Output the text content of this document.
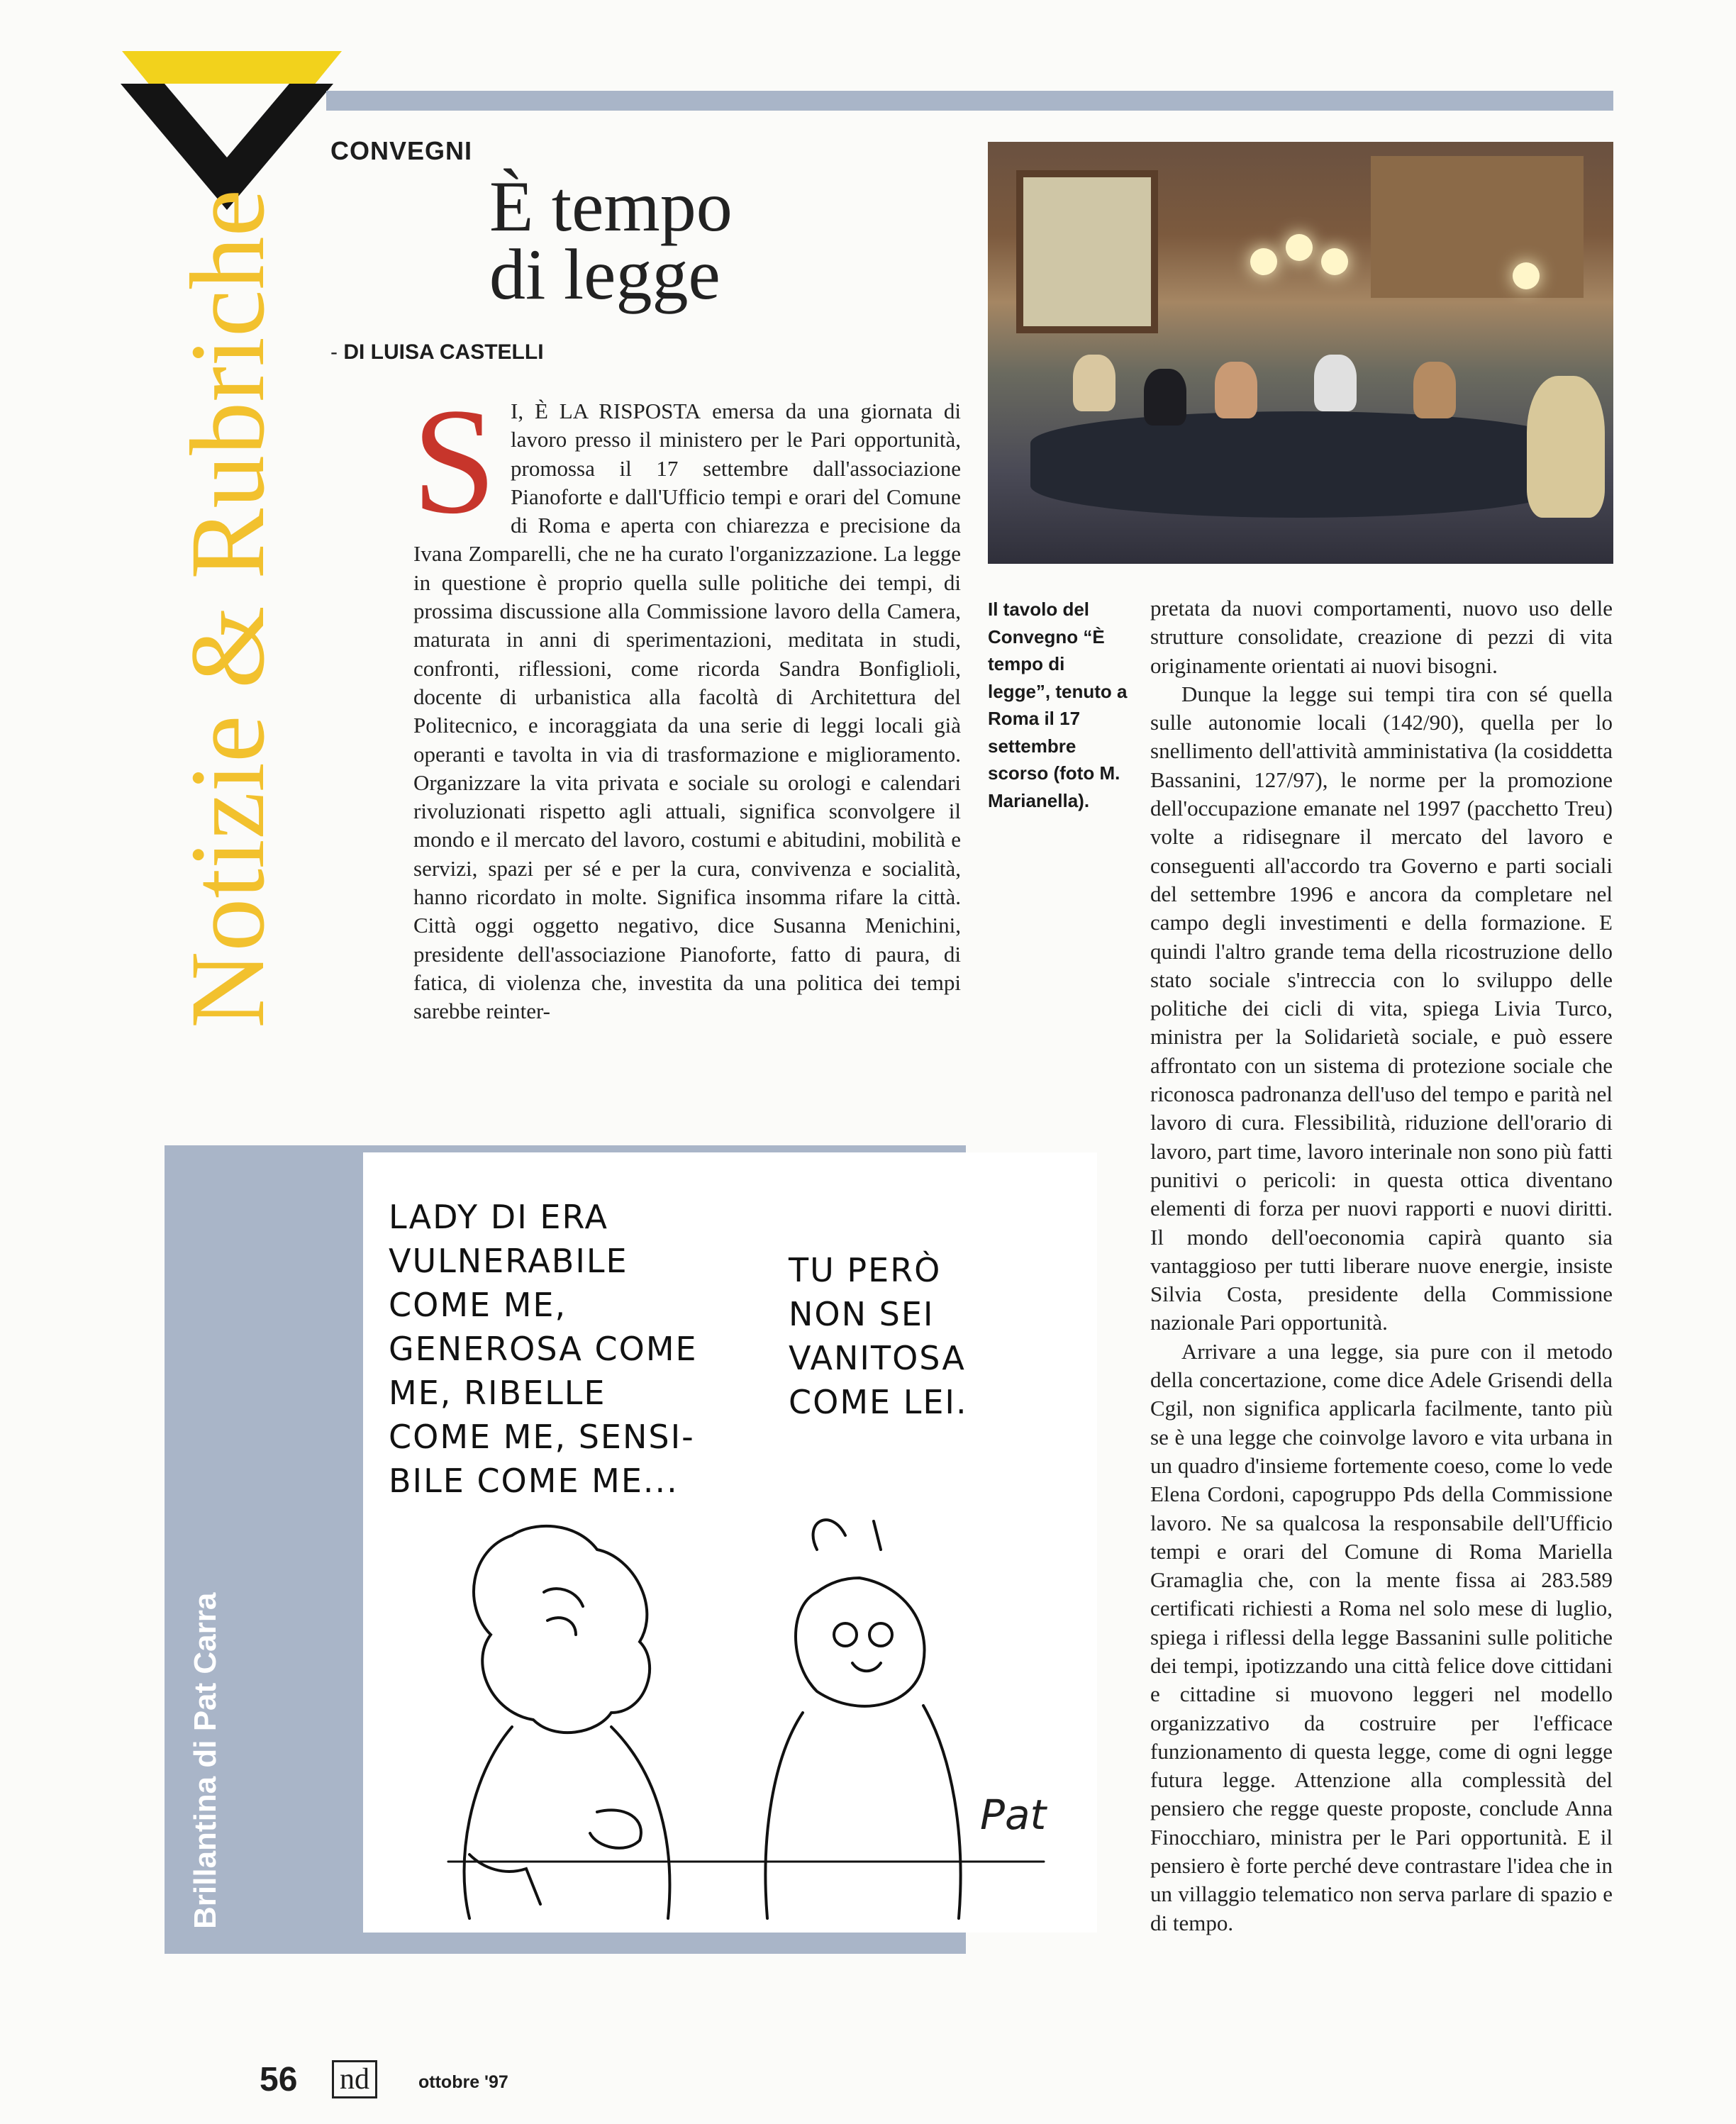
Notizie & Rubriche
CONVEGNI
È tempo di legge
- DI LUISA CASTELLI
S I, È LA RISPOSTA emersa da una giornata di lavoro presso il ministero per le Pari opportunità, promossa il 17 settembre dall'associazione Pianoforte e dall'Ufficio tempi e orari del Comune di Roma e aperta con chiarezza e precisione da Ivana Zomparelli, che ne ha curato l'organizzazione. La legge in questione è proprio quella sulle politiche dei tempi, di prossima discussione alla Commissione lavoro della Camera, maturata in anni di sperimentazioni, meditata in studi, confronti, riflessioni, come ricorda Sandra Bonfiglioli, docente di urbanistica alla facoltà di Architettura del Politecnico, e incoraggiata da una serie di leggi locali già operanti e tavolta in via di trasformazione e miglioramento. Organizzare la vita privata e sociale su orologi e calendari rivoluzionati rispetto agli attuali, significa sconvolgere il mondo e il mercato del lavoro, costumi e abitudini, mobilità e servizi, spazi per sé e per la cura, convivenza e socialità, hanno ricordato in molte. Significa insomma rifare la città. Città oggi oggetto negativo, dice Susanna Menichini, presidente dell'associazione Pianoforte, fatto di paura, di fatica, di violenza che, investita da una politica dei tempi sarebbe reinter-
Il tavolo del Convegno “È tempo di legge”, tenuto a Roma il 17 settembre scorso (foto M. Marianella).

pretata da nuovi comportamenti, nuovo uso delle strutture consolidate, creazione di pezzi di vita originamente orientati ai nuovi bisogni.

Dunque la legge sui tempi tira con sé quella sulle autonomie locali (142/90), quella per lo snellimento dell'attività amministativa (la cosiddetta Bassanini, 127/97), le norme per la promozione dell'occupazione emanate nel 1997 (pacchetto Treu) volte a ridisegnare il mercato del lavoro e conseguenti all'accordo tra Governo e parti sociali del settembre 1996 e ancora da completare nel campo degli investimenti e della formazione. E quindi l'altro grande tema della ricostruzione dello stato sociale s'intreccia con lo sviluppo delle politiche dei cicli di vita, spiega Livia Turco, ministra per la Solidarietà sociale, e può essere affrontato con un sistema di protezione sociale che riconosca padronanza dell'uso del tempo e parità nel lavoro di cura. Flessibilità, riduzione dell'orario di lavoro, part time, lavoro interinale non sono più fatti punitivi o pericoli: in questa ottica diventano elementi di forza per nuovi rapporti e nuovi diritti. Il mondo dell'oeconomia capirà quanto sia vantaggioso per tutti liberare nuove energie, insiste Silvia Costa, presidente della Commissione nazionale Pari opportunità.

Arrivare a una legge, sia pure con il metodo della concertazione, come dice Adele Grisendi della Cgil, non significa applicarla facilmente, tanto più se è una legge che coinvolge lavoro e vita urbana in un quadro d'insieme fortemente coeso, come lo vede Elena Cordoni, capogruppo Pds della Commissione lavoro. Ne sa qualcosa la responsabile dell'Ufficio tempi e orari del Comune di Roma Mariella Gramaglia che, con la mente fissa ai 283.589 certificati richiesti a Roma nel solo mese di luglio, spiega i riflessi della legge Bassanini sulle politiche dei tempi, ipotizzando una città felice dove cittidani e cittadine si muovono leggeri nel modello organizzativo da costruire per l'efficace funzionamento di questa legge, come di ogni legge futura legge. Attenzione alla complessità del pensiero che regge queste proposte, conclude Anna Finocchiaro, ministra per le Pari opportunità. E il pensiero è forte perché deve contrastare l'idea che in un villaggio telematico non serva parlare di spazio e di tempo.

Brillantina di Pat Carra
LADY DI ERA
VULNERABILE
COME ME,
GENEROSA COME
ME, RIBELLE
COME ME, SENSI-
BILE COME ME...
TU PERÒ
NON SEI
VANITOSA
COME LEI.
Pat
56 nd	ottobre '97
